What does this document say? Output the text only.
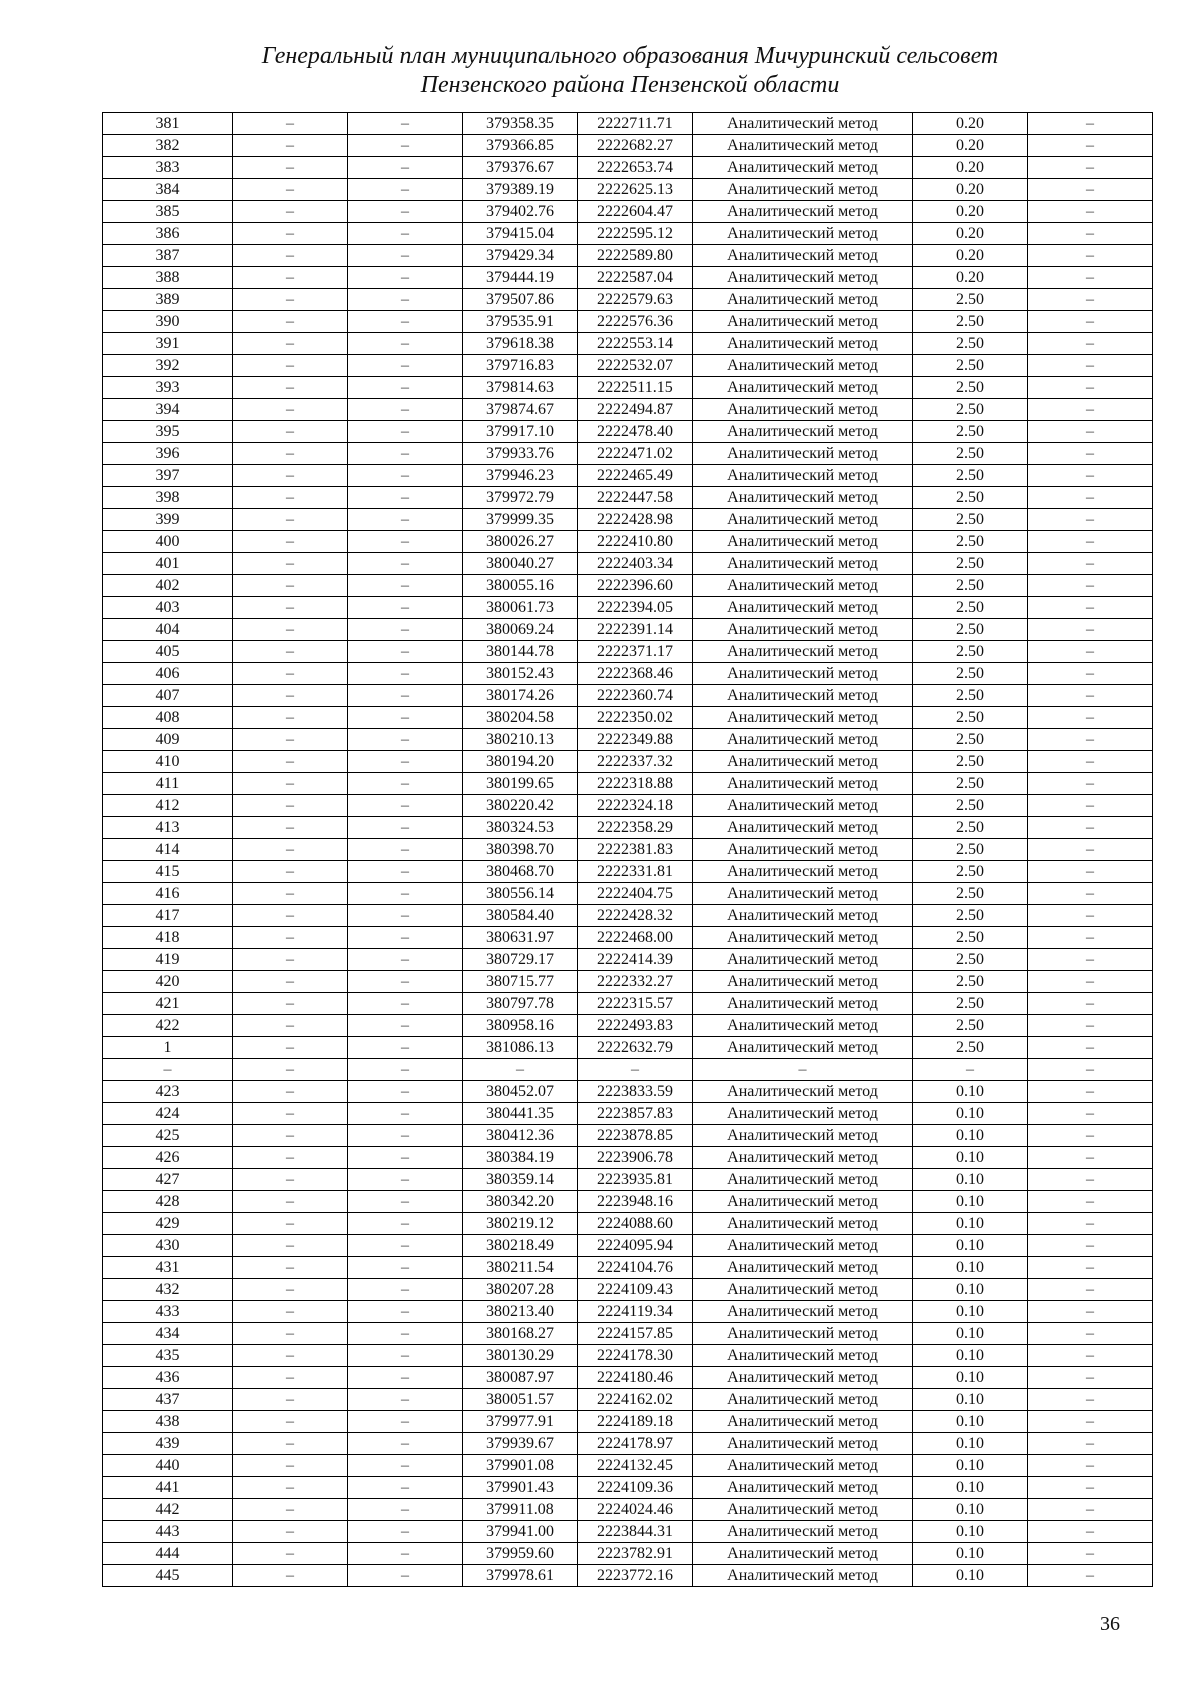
Генеральный план муниципального образования Мичуринский сельсовет
Пензенского района Пензенской области
381	–	–	379358.35	2222711.71	Аналитический метод	0.20	–
382	–	–	379366.85	2222682.27	Аналитический метод	0.20	–
383	–	–	379376.67	2222653.74	Аналитический метод	0.20	–
384	–	–	379389.19	2222625.13	Аналитический метод	0.20	–
385	–	–	379402.76	2222604.47	Аналитический метод	0.20	–
386	–	–	379415.04	2222595.12	Аналитический метод	0.20	–
387	–	–	379429.34	2222589.80	Аналитический метод	0.20	–
388	–	–	379444.19	2222587.04	Аналитический метод	0.20	–
389	–	–	379507.86	2222579.63	Аналитический метод	2.50	–
390	–	–	379535.91	2222576.36	Аналитический метод	2.50	–
391	–	–	379618.38	2222553.14	Аналитический метод	2.50	–
392	–	–	379716.83	2222532.07	Аналитический метод	2.50	–
393	–	–	379814.63	2222511.15	Аналитический метод	2.50	–
394	–	–	379874.67	2222494.87	Аналитический метод	2.50	–
395	–	–	379917.10	2222478.40	Аналитический метод	2.50	–
396	–	–	379933.76	2222471.02	Аналитический метод	2.50	–
397	–	–	379946.23	2222465.49	Аналитический метод	2.50	–
398	–	–	379972.79	2222447.58	Аналитический метод	2.50	–
399	–	–	379999.35	2222428.98	Аналитический метод	2.50	–
400	–	–	380026.27	2222410.80	Аналитический метод	2.50	–
401	–	–	380040.27	2222403.34	Аналитический метод	2.50	–
402	–	–	380055.16	2222396.60	Аналитический метод	2.50	–
403	–	–	380061.73	2222394.05	Аналитический метод	2.50	–
404	–	–	380069.24	2222391.14	Аналитический метод	2.50	–
405	–	–	380144.78	2222371.17	Аналитический метод	2.50	–
406	–	–	380152.43	2222368.46	Аналитический метод	2.50	–
407	–	–	380174.26	2222360.74	Аналитический метод	2.50	–
408	–	–	380204.58	2222350.02	Аналитический метод	2.50	–
409	–	–	380210.13	2222349.88	Аналитический метод	2.50	–
410	–	–	380194.20	2222337.32	Аналитический метод	2.50	–
411	–	–	380199.65	2222318.88	Аналитический метод	2.50	–
412	–	–	380220.42	2222324.18	Аналитический метод	2.50	–
413	–	–	380324.53	2222358.29	Аналитический метод	2.50	–
414	–	–	380398.70	2222381.83	Аналитический метод	2.50	–
415	–	–	380468.70	2222331.81	Аналитический метод	2.50	–
416	–	–	380556.14	2222404.75	Аналитический метод	2.50	–
417	–	–	380584.40	2222428.32	Аналитический метод	2.50	–
418	–	–	380631.97	2222468.00	Аналитический метод	2.50	–
419	–	–	380729.17	2222414.39	Аналитический метод	2.50	–
420	–	–	380715.77	2222332.27	Аналитический метод	2.50	–
421	–	–	380797.78	2222315.57	Аналитический метод	2.50	–
422	–	–	380958.16	2222493.83	Аналитический метод	2.50	–
1	–	–	381086.13	2222632.79	Аналитический метод	2.50	–
–	–	–	–	–	–	–	–
423	–	–	380452.07	2223833.59	Аналитический метод	0.10	–
424	–	–	380441.35	2223857.83	Аналитический метод	0.10	–
425	–	–	380412.36	2223878.85	Аналитический метод	0.10	–
426	–	–	380384.19	2223906.78	Аналитический метод	0.10	–
427	–	–	380359.14	2223935.81	Аналитический метод	0.10	–
428	–	–	380342.20	2223948.16	Аналитический метод	0.10	–
429	–	–	380219.12	2224088.60	Аналитический метод	0.10	–
430	–	–	380218.49	2224095.94	Аналитический метод	0.10	–
431	–	–	380211.54	2224104.76	Аналитический метод	0.10	–
432	–	–	380207.28	2224109.43	Аналитический метод	0.10	–
433	–	–	380213.40	2224119.34	Аналитический метод	0.10	–
434	–	–	380168.27	2224157.85	Аналитический метод	0.10	–
435	–	–	380130.29	2224178.30	Аналитический метод	0.10	–
436	–	–	380087.97	2224180.46	Аналитический метод	0.10	–
437	–	–	380051.57	2224162.02	Аналитический метод	0.10	–
438	–	–	379977.91	2224189.18	Аналитический метод	0.10	–
439	–	–	379939.67	2224178.97	Аналитический метод	0.10	–
440	–	–	379901.08	2224132.45	Аналитический метод	0.10	–
441	–	–	379901.43	2224109.36	Аналитический метод	0.10	–
442	–	–	379911.08	2224024.46	Аналитический метод	0.10	–
443	–	–	379941.00	2223844.31	Аналитический метод	0.10	–
444	–	–	379959.60	2223782.91	Аналитический метод	0.10	–
445	–	–	379978.61	2223772.16	Аналитический метод	0.10	–
36
